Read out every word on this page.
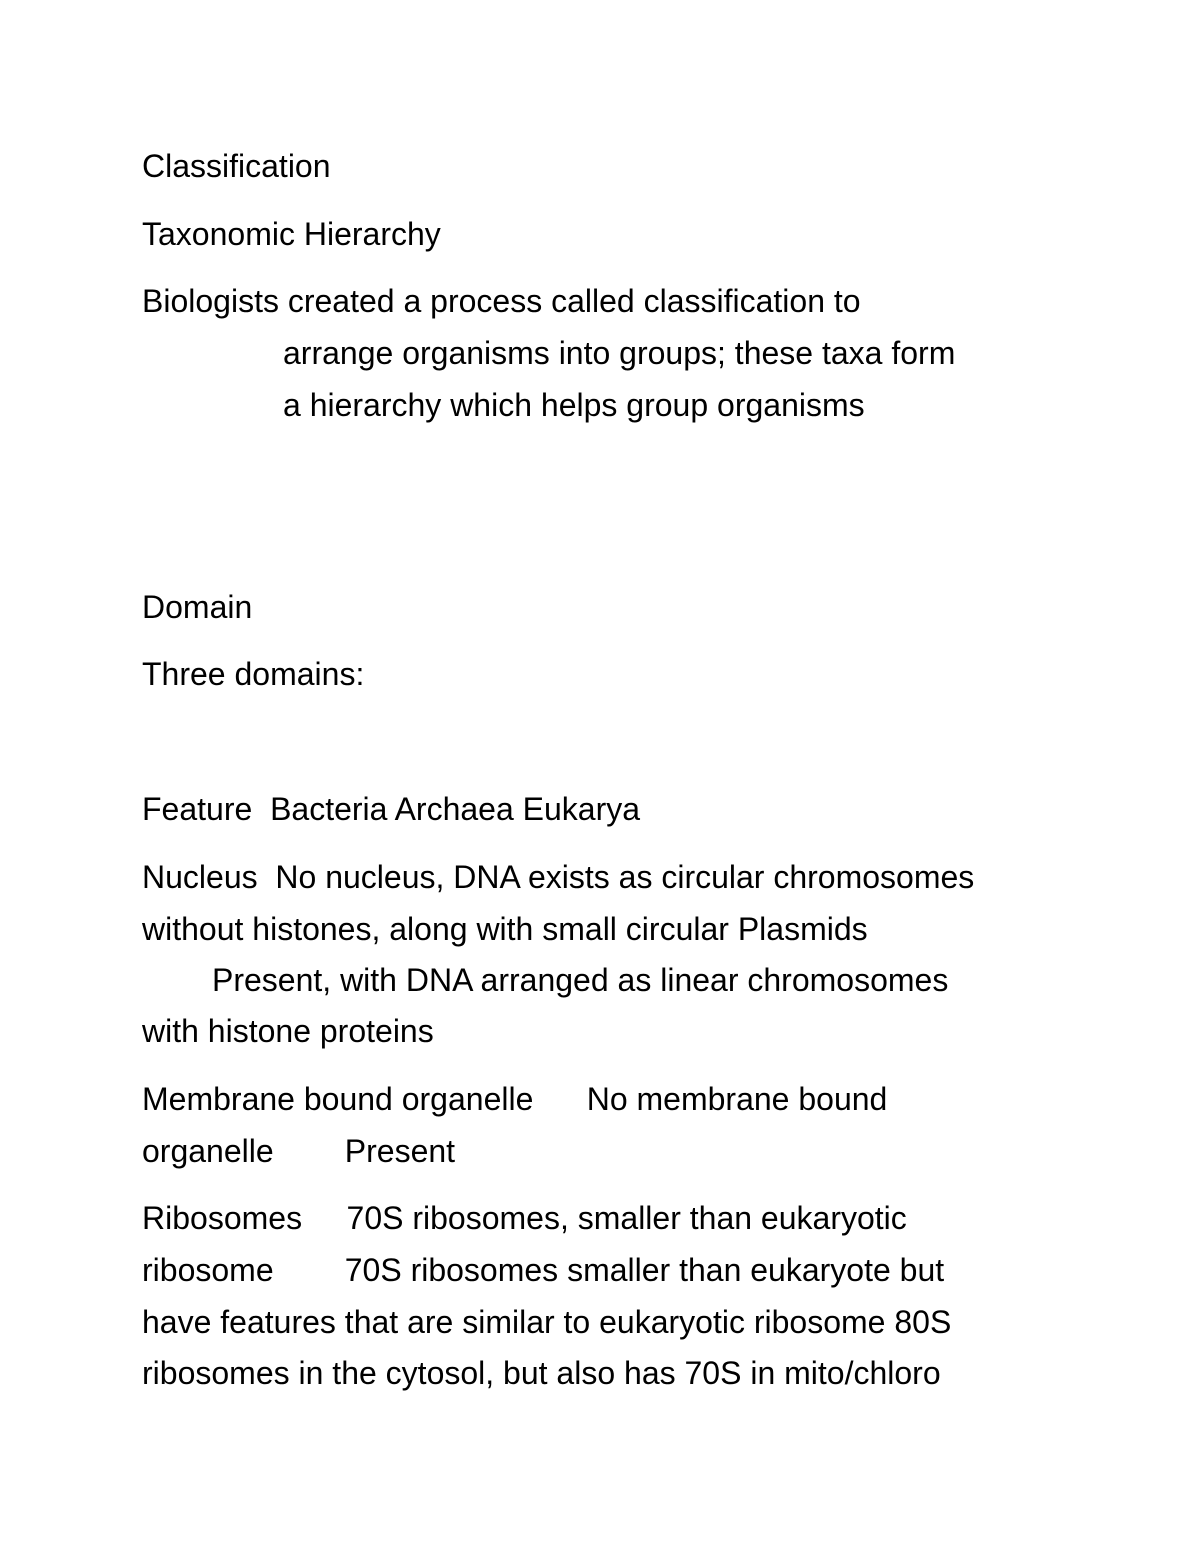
Classification
Taxonomic Hierarchy
Biologists created a process called classification to
arrange organisms into groups; these taxa form
a hierarchy which helps group organisms
Domain
Three domains:
Feature  Bacteria Archaea Eukarya
Nucleus  No nucleus, DNA exists as circular chromosomes
without histones, along with small circular Plasmids
Present, with DNA arranged as linear chromosomes
with histone proteins
Membrane bound organelle      No membrane bound
organelle        Present
Ribosomes     70S ribosomes, smaller than eukaryotic
ribosome        70S ribosomes smaller than eukaryote but
have features that are similar to eukaryotic ribosome 80S
ribosomes in the cytosol, but also has 70S in mito/chloro
